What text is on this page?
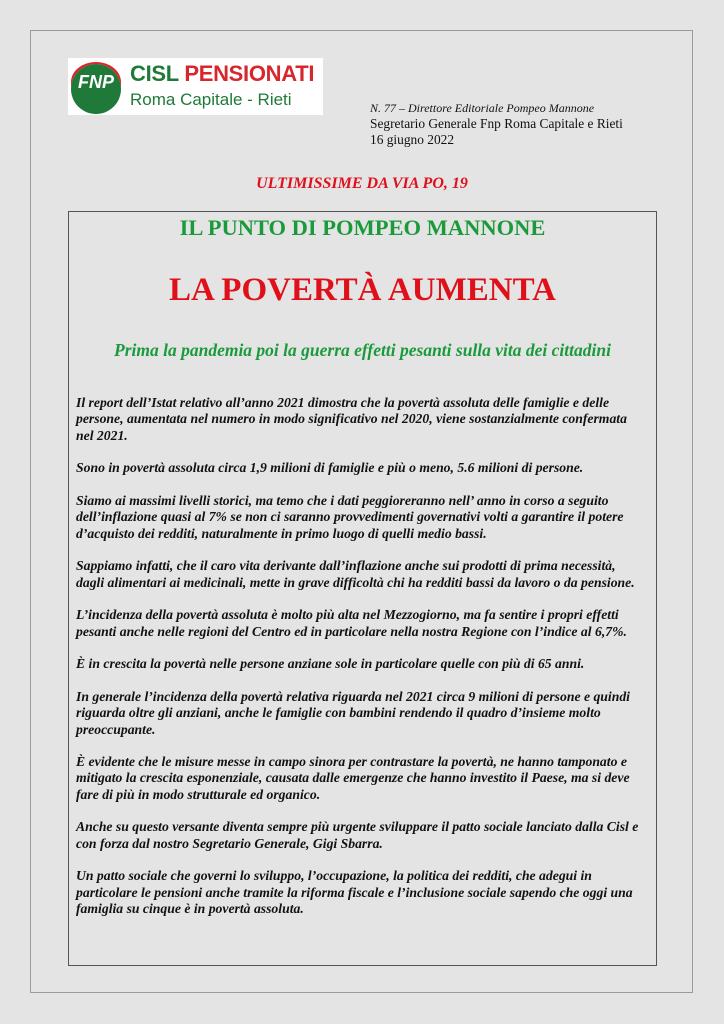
FNP CISL PENSIONATI
Roma Capitale - Rieti	N. 77 – Direttore Editoriale Pompeo Mannone
Segretario Generale Fnp Roma Capitale e Rieti
16 giugno 2022
ULTIMISSIME DA VIA PO, 19
IL PUNTO DI POMPEO MANNONE
LA POVERTÀ AUMENTA
Prima la pandemia poi la guerra effetti pesanti sulla vita dei cittadini

Il report dell’Istat relativo all’anno 2021 dimostra che la povertà assoluta delle famiglie e delle persone, aumentata nel numero in modo significativo nel 2020, viene sostanzialmente confermata nel 2021.

Sono in povertà assoluta circa 1,9 milioni di famiglie e più o meno, 5.6 milioni di persone.

Siamo ai massimi livelli storici, ma temo che i dati peggioreranno nell’ anno in corso a seguito dell’inflazione quasi al 7% se non ci saranno provvedimenti governativi volti a garantire il potere d’acquisto dei redditi, naturalmente in primo luogo di quelli medio bassi.

Sappiamo infatti, che il caro vita derivante dall’inflazione anche sui prodotti di prima necessità, dagli alimentari ai medicinali, mette in grave difficoltà chi ha redditi bassi da lavoro o da pensione.

L’incidenza della povertà assoluta è molto più alta nel Mezzogiorno, ma fa sentire i propri effetti pesanti anche nelle regioni del Centro ed in particolare nella nostra Regione con l’indice al 6,7%.

È in crescita la povertà nelle persone anziane sole in particolare quelle con più di 65 anni.

In generale l’incidenza della povertà relativa riguarda nel 2021 circa 9 milioni di persone e quindi riguarda oltre gli anziani, anche le famiglie con bambini rendendo il quadro d’insieme molto preoccupante.

È evidente che le misure messe in campo sinora per contrastare la povertà, ne hanno tamponato e mitigato la crescita esponenziale, causata dalle emergenze che hanno investito il Paese, ma si deve fare di più in modo strutturale ed organico.

Anche su questo versante diventa sempre più urgente sviluppare il patto sociale lanciato dalla Cisl e con forza dal nostro Segretario Generale, Gigi Sbarra.

Un patto sociale che governi lo sviluppo, l’occupazione, la politica dei redditi, che adegui in particolare le pensioni anche tramite la riforma fiscale e l’inclusione sociale sapendo che oggi una famiglia su cinque è in povertà assoluta.
